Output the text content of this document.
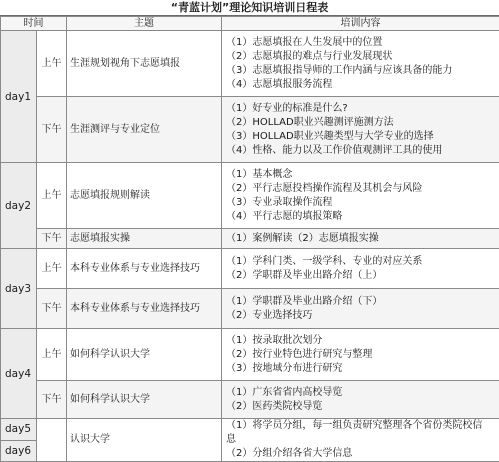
“青蓝计划”理论知识培训日程表
时间		主题	培训内容
day1	上午	生涯规划视角下志愿填报	（1）志愿填报在人生发展中的位置
（2）志愿填报的难点与行业发展现状
（3）志愿填报指导师的工作内涵与应该具备的能力
（4）志愿填报服务流程

	下午	生涯测评与专业定位	（1）好专业的标准是什么?
（2）HOLLAD职业兴趣测评施测方法
（3）HOLLAD职业兴趣类型与大学专业的选择
（4）性格、能力以及工作价值观测评工具的使用

day2	上午	志愿填报规则解读	（1）基本概念
（2）平行志愿投档操作流程及其机会与风险
（3）专业录取操作流程
（4）平行志愿的填报策略

	下午	志愿填报实操	（1）案例解读（2）志愿填报实操

day3	上午	本科专业体系与专业选择技巧	（1）学科门类、一级学科、专业的对应关系
（2）学职群及毕业出路介绍（上）

	下午	本科专业体系与专业选择技巧	（1）学职群及毕业出路介绍（下）
（2）专业选择技巧

day4	上午	如何科学认识大学	（1）按录取批次划分
（2）按行业特色进行研究与整理
（3）按地域分布进行研究

	下午	如何科学认识大学	（1）广东省省内高校导览
（2）医药类院校导览

day5		认识大学	（1）将学员分组，每一组负责研究整理各个省份类院校信
息
（2）分组介绍各省大学信息

day6			
